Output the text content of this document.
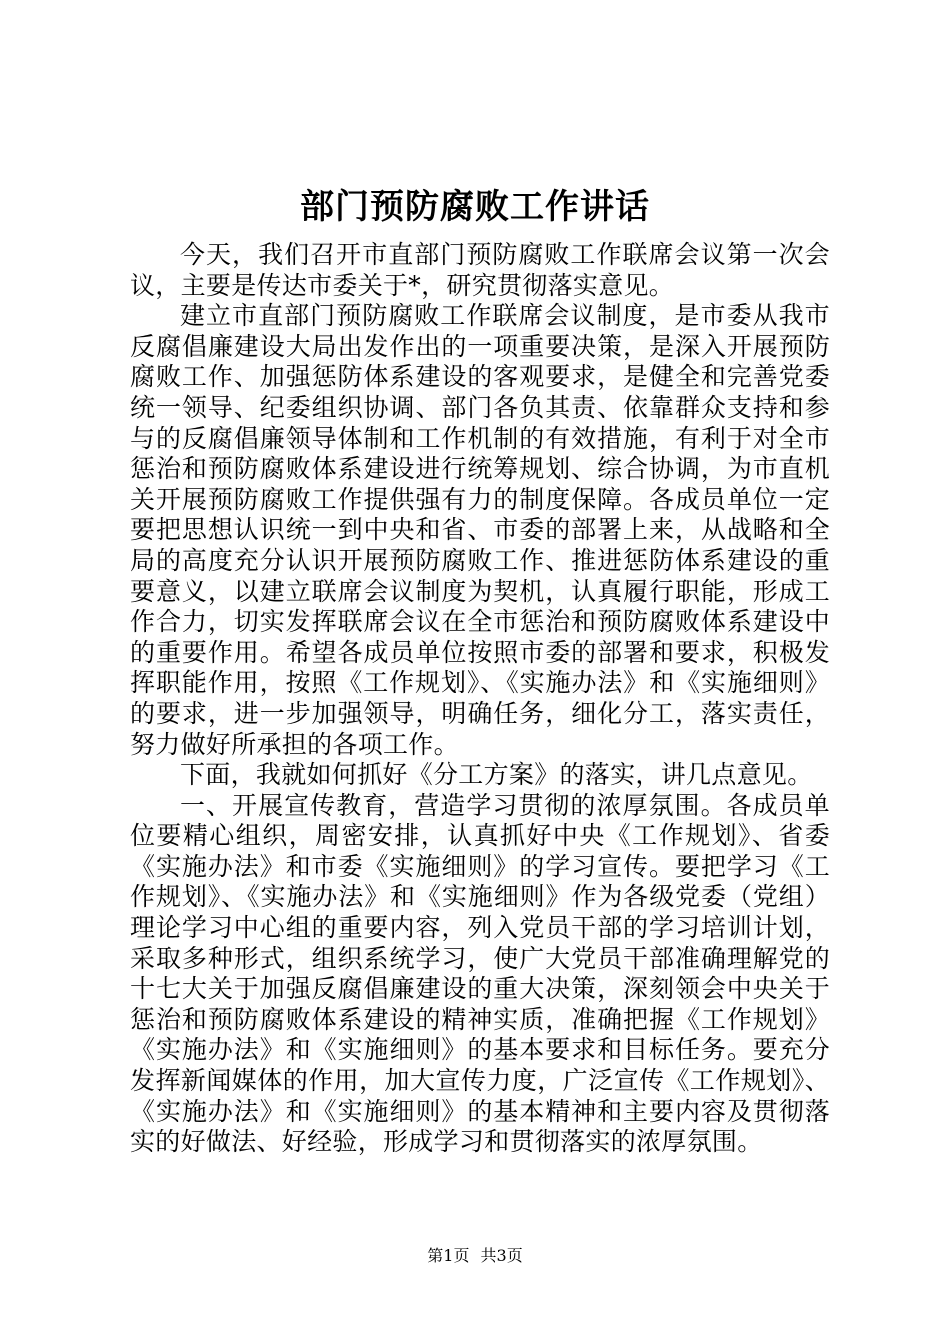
部门预防腐败工作讲话

今天，我们召开市直部门预防腐败工作联席会议第一次会议，主要是传达市委关于*，研究贯彻落实意见。

建立市直部门预防腐败工作联席会议制度，是市委从我市反腐倡廉建设大局出发作出的一项重要决策，是深入开展预防腐败工作、加强惩防体系建设的客观要求，是健全和完善党委统一领导、纪委组织协调、部门各负其责、依靠群众支持和参与的反腐倡廉领导体制和工作机制的有效措施，有利于对全市惩治和预防腐败体系建设进行统筹规划、综合协调，为市直机关开展预防腐败工作提供强有力的制度保障。各成员单位一定要把思想认识统一到中央和省、市委的部署上来，从战略和全局的高度充分认识开展预防腐败工作、推进惩防体系建设的重要意义，以建立联席会议制度为契机，认真履行职能，形成工作合力，切实发挥联席会议在全市惩治和预防腐败体系建设中的重要作用。希望各成员单位按照市委的部署和要求，积极发挥职能作用，按照《工作规划》、《实施办法》和《实施细则》的要求，进一步加强领导，明确任务，细化分工，落实责任，努力做好所承担的各项工作。

下面，我就如何抓好《分工方案》的落实，讲几点意见。

一、开展宣传教育，营造学习贯彻的浓厚氛围。各成员单位要精心组织，周密安排，认真抓好中央《工作规划》、省委《实施办法》和市委《实施细则》的学习宣传。要把学习《工作规划》、《实施办法》和《实施细则》作为各级党委（党组）理论学习中心组的重要内容，列入党员干部的学习培训计划，采取多种形式，组织系统学习，使广大党员干部准确理解党的十七大关于加强反腐倡廉建设的重大决策，深刻领会中央关于惩治和预防腐败体系建设的精神实质，准确把握《工作规划》《实施办法》和《实施细则》的基本要求和目标任务。要充分发挥新闻媒体的作用，加大宣传力度，广泛宣传《工作规划》、《实施办法》和《实施细则》的基本精神和主要内容及贯彻落实的好做法、好经验，形成学习和贯彻落实的浓厚氛围。

第1页 共3页
